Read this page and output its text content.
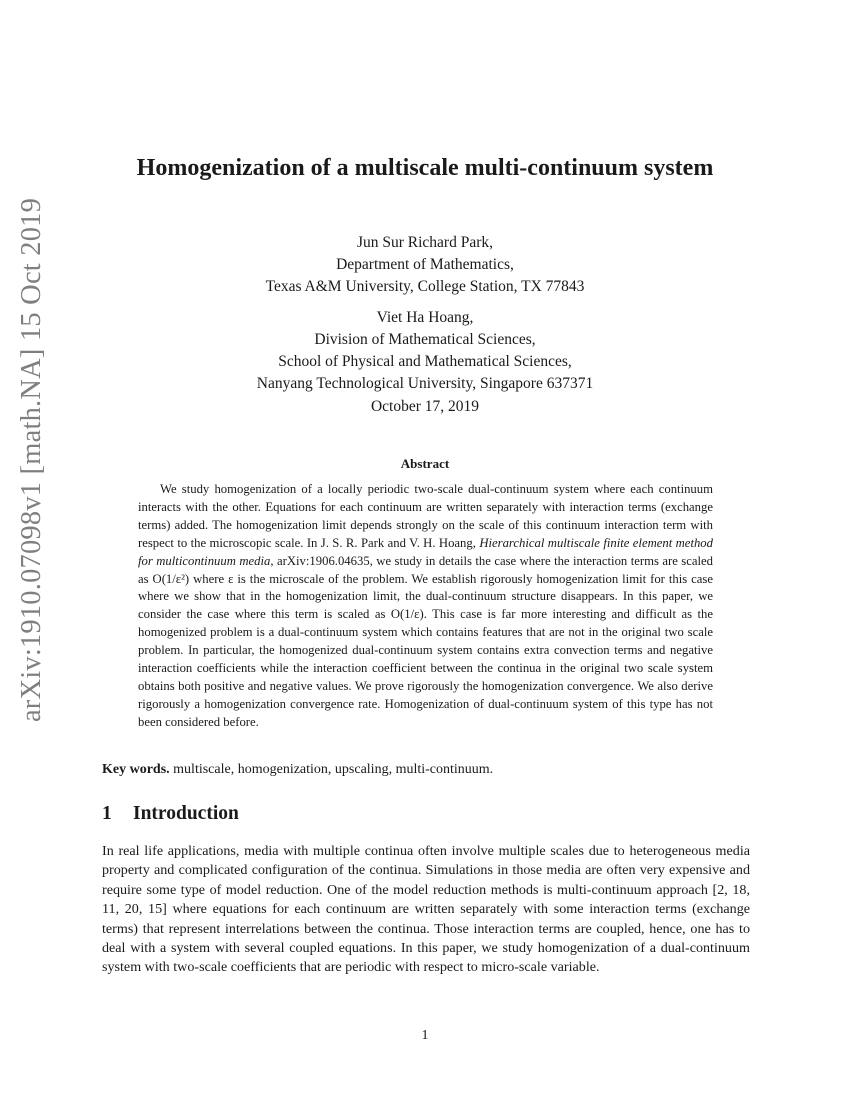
arXiv:1910.07098v1 [math.NA] 15 Oct 2019
Homogenization of a multiscale multi-continuum system
Jun Sur Richard Park,
Department of Mathematics,
Texas A&M University, College Station, TX 77843
Viet Ha Hoang,
Division of Mathematical Sciences,
School of Physical and Mathematical Sciences,
Nanyang Technological University, Singapore 637371
October 17, 2019
Abstract

We study homogenization of a locally periodic two-scale dual-continuum system where each continuum interacts with the other. Equations for each continuum are written separately with interaction terms (exchange terms) added. The homogenization limit depends strongly on the scale of this continuum interaction term with respect to the microscopic scale. In J. S. R. Park and V. H. Hoang, Hierarchical multiscale finite element method for multicontinuum media, arXiv:1906.04635, we study in details the case where the interaction terms are scaled as O(1/ε²) where ε is the microscale of the problem. We establish rigorously homogenization limit for this case where we show that in the homogenization limit, the dual-continuum structure disappears. In this paper, we consider the case where this term is scaled as O(1/ε). This case is far more interesting and difficult as the homogenized problem is a dual-continuum system which contains features that are not in the original two scale problem. In particular, the homogenized dual-continuum system contains extra convection terms and negative interaction coefficients while the interaction coefficient between the continua in the original two scale system obtains both positive and negative values. We prove rigorously the homogenization convergence. We also derive rigorously a homogenization convergence rate. Homogenization of dual-continuum system of this type has not been considered before.

Key words. multiscale, homogenization, upscaling, multi-continuum.
1 Introduction

In real life applications, media with multiple continua often involve multiple scales due to heterogeneous media property and complicated configuration of the continua. Simulations in those media are often very expensive and require some type of model reduction. One of the model reduction methods is multi-continuum approach [2, 18, 11, 20, 15] where equations for each continuum are written separately with some interaction terms (exchange terms) that represent interrelations between the continua. Those interaction terms are coupled, hence, one has to deal with a system with several coupled equations. In this paper, we study homogenization of a dual-continuum system with two-scale coefficients that are periodic with respect to micro-scale variable.

1
